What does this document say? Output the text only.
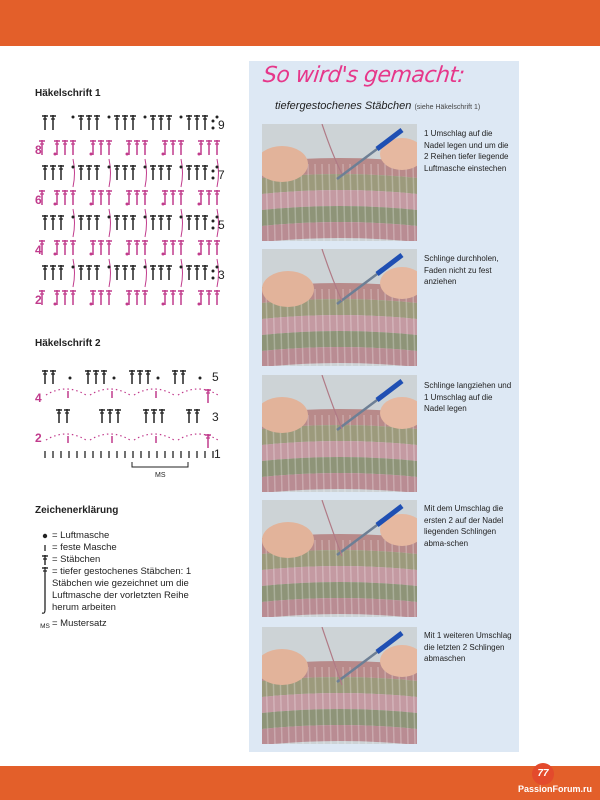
Häkelschrift 1
9
7
5
3
8
6
4
2
Häkelschrift 2
MS
5
3
1
4
2
Zeichenerklärung
= Luftmasche
= feste Masche
= Stäbchen
= tiefer gestochenes Stäbchen: 1 Stäbchen wie gezeichnet um die Luftmasche der vorletzten Reihe herum arbeiten
MS = Mustersatz
So wird's gemacht:
tiefergestochenes Stäbchen (siehe Häkelschrift 1)
1 Umschlag auf die Nadel legen und um die 2 Reihen tiefer liegende Luftmasche einstechen
Schlinge durchholen, Faden nicht zu fest anziehen
Schlinge langziehen und 1 Umschlag auf die Nadel legen
Mit dem Umschlag die ersten 2 auf der Nadel liegenden Schlingen abma-schen
Mit 1 weiteren Umschlag die letzten 2 Schlingen abmaschen
77
PassionForum.ru
